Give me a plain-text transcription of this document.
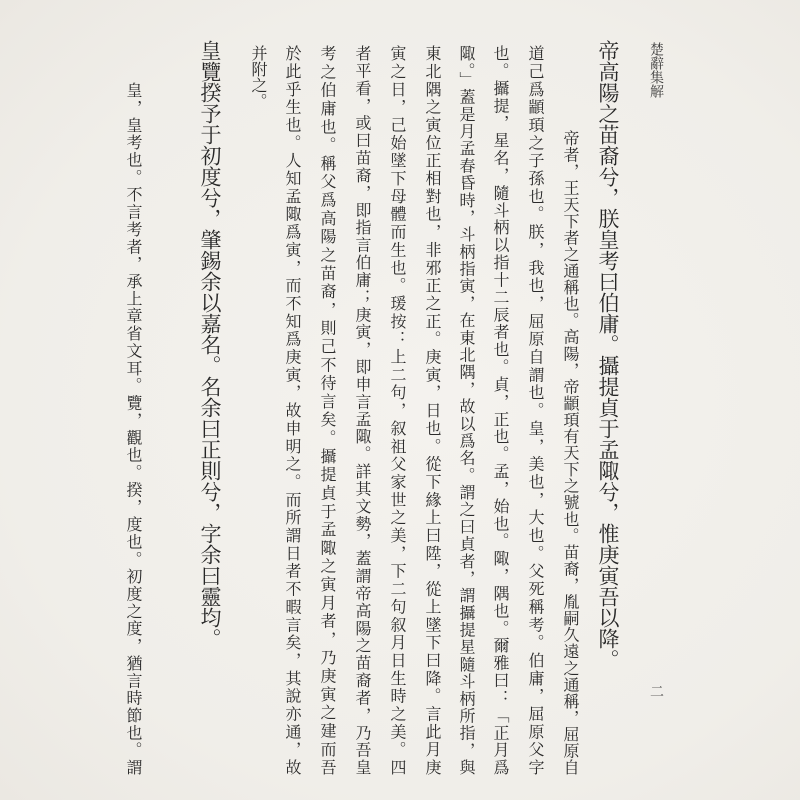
楚辭集解
二
帝高陽之苗裔兮，朕皇考曰伯庸。攝提貞于孟陬兮，惟庚寅吾以降。
帝者，王天下者之通稱也。高陽，帝顓頊有天下之號也。苗裔，胤嗣久遠之通稱，屈原自
道己爲顓頊之子孫也。朕，我也，屈原自謂也。皇，美也，大也。父死稱考。伯庸，屈原父字
也。攝提，星名，隨斗柄以指十二辰者也。貞，正也。孟，始也。陬，隅也。爾雅曰：「正月爲
陬。」蓋是月孟春昏時，斗柄指寅，在東北隅，故以爲名。謂之曰貞者，謂攝提星隨斗柄所指，與
東北隅之寅位正相對也，非邪正之正。庚寅，日也。從下緣上曰陞，從上墜下曰降。言此月庚
寅之日，己始墜下母體而生也。瑗按：上二句，叙祖父家世之美，下二句叙月日生時之美。四
者平看，或曰苗裔，即指言伯庸；庚寅，即申言孟陬。詳其文勢，蓋謂帝高陽之苗裔者，乃吾皇
考之伯庸也。稱父爲高陽之苗裔，則己不待言矣。攝提貞于孟陬之寅月者，乃庚寅之建而吾
於此乎生也。人知孟陬爲寅，而不知爲庚寅，故申明之。而所謂日者不暇言矣，其說亦通，故
并附之。
皇覽揆予于初度兮，肇錫余以嘉名。名余曰正則兮，字余曰靈均。
皇，皇考也。不言考者，承上章省文耳。覽，觀也。揆，度也。初度之度，猶言時節也。謂
